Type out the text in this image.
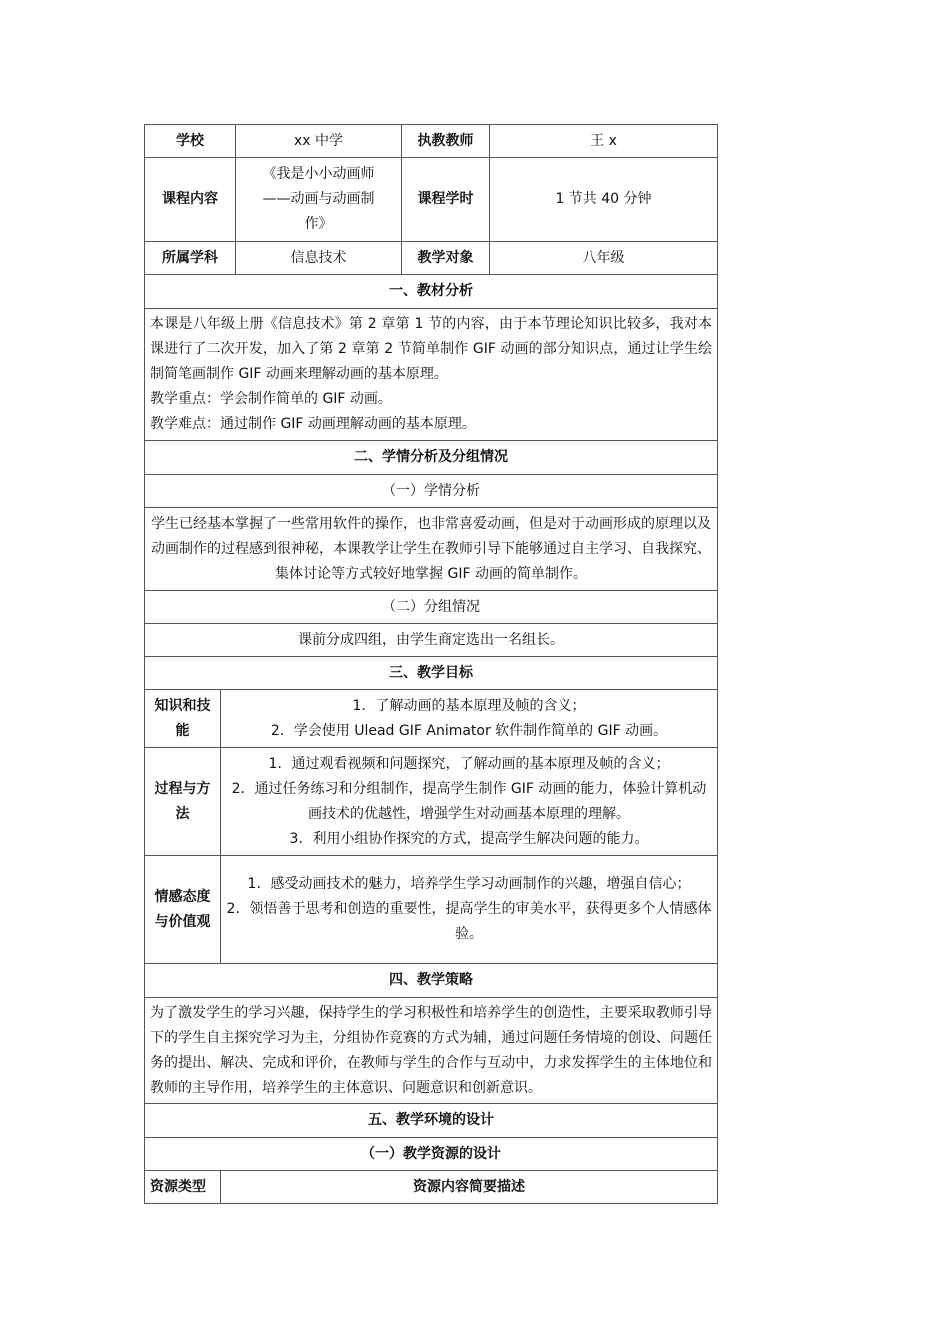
学校		xx 中学	执教教师	王 x
课程内容		《我是小小动画师——动画与动画制作》	课程学时	1 节共 40 分钟
所属学科		信息技术	教学对象	八年级
一、教材分析				

本课是八年级上册《信息技术》第 2 章第 1 节的内容，由于本节理论知识比较多，我对本课进行了二次开发，加入了第 2 章第 2 节简单制作 GIF 动画的部分知识点，通过让学生绘制简笔画制作 GIF 动画来理解动画的基本原理。

教学重点：学会制作简单的 GIF 动画。

教学难点：通过制作 GIF 动画理解动画的基本原理。				

二、学情分析及分组情况				
（一）学情分析				
学生已经基本掌握了一些常用软件的操作，也非常喜爱动画，但是对于动画形成的原理以及动画制作的过程感到很神秘，本课教学让学生在教师引导下能够通过自主学习、自我探究、集体讨论等方式较好地掌握 GIF 动画的简单制作。				
（二）分组情况				
课前分成四组，由学生商定选出一名组长。				
三、教学目标				
知识和技能	1．了解动画的基本原理及帧的含义；

2．学会使用 Ulead GIF Animator 软件制作简单的 GIF 动画。			

过程与方法	1．通过观看视频和问题探究，了解动画的基本原理及帧的含义；

2．通过任务练习和分组制作，提高学生制作 GIF 动画的能力，体验计算机动画技术的优越性，增强学生对动画基本原理的理解。

3．利用小组协作探究的方式，提高学生解决问题的能力。			

情感态度与价值观	1．感受动画技术的魅力，培养学生学习动画制作的兴趣，增强自信心；

2．领悟善于思考和创造的重要性，提高学生的审美水平，获得更多个人情感体验。			

四、教学策略				
为了激发学生的学习兴趣，保持学生的学习积极性和培养学生的创造性，主要采取教师引导下的学生自主探究学习为主，分组协作竞赛的方式为辅，通过问题任务情境的创设、问题任务的提出、解决、完成和评价，在教师与学生的合作与互动中，力求发挥学生的主体地位和教师的主导作用，培养学生的主体意识、问题意识和创新意识。				
五、教学环境的设计				
（一）教学资源的设计				
资源类型	资源内容简要描述			
